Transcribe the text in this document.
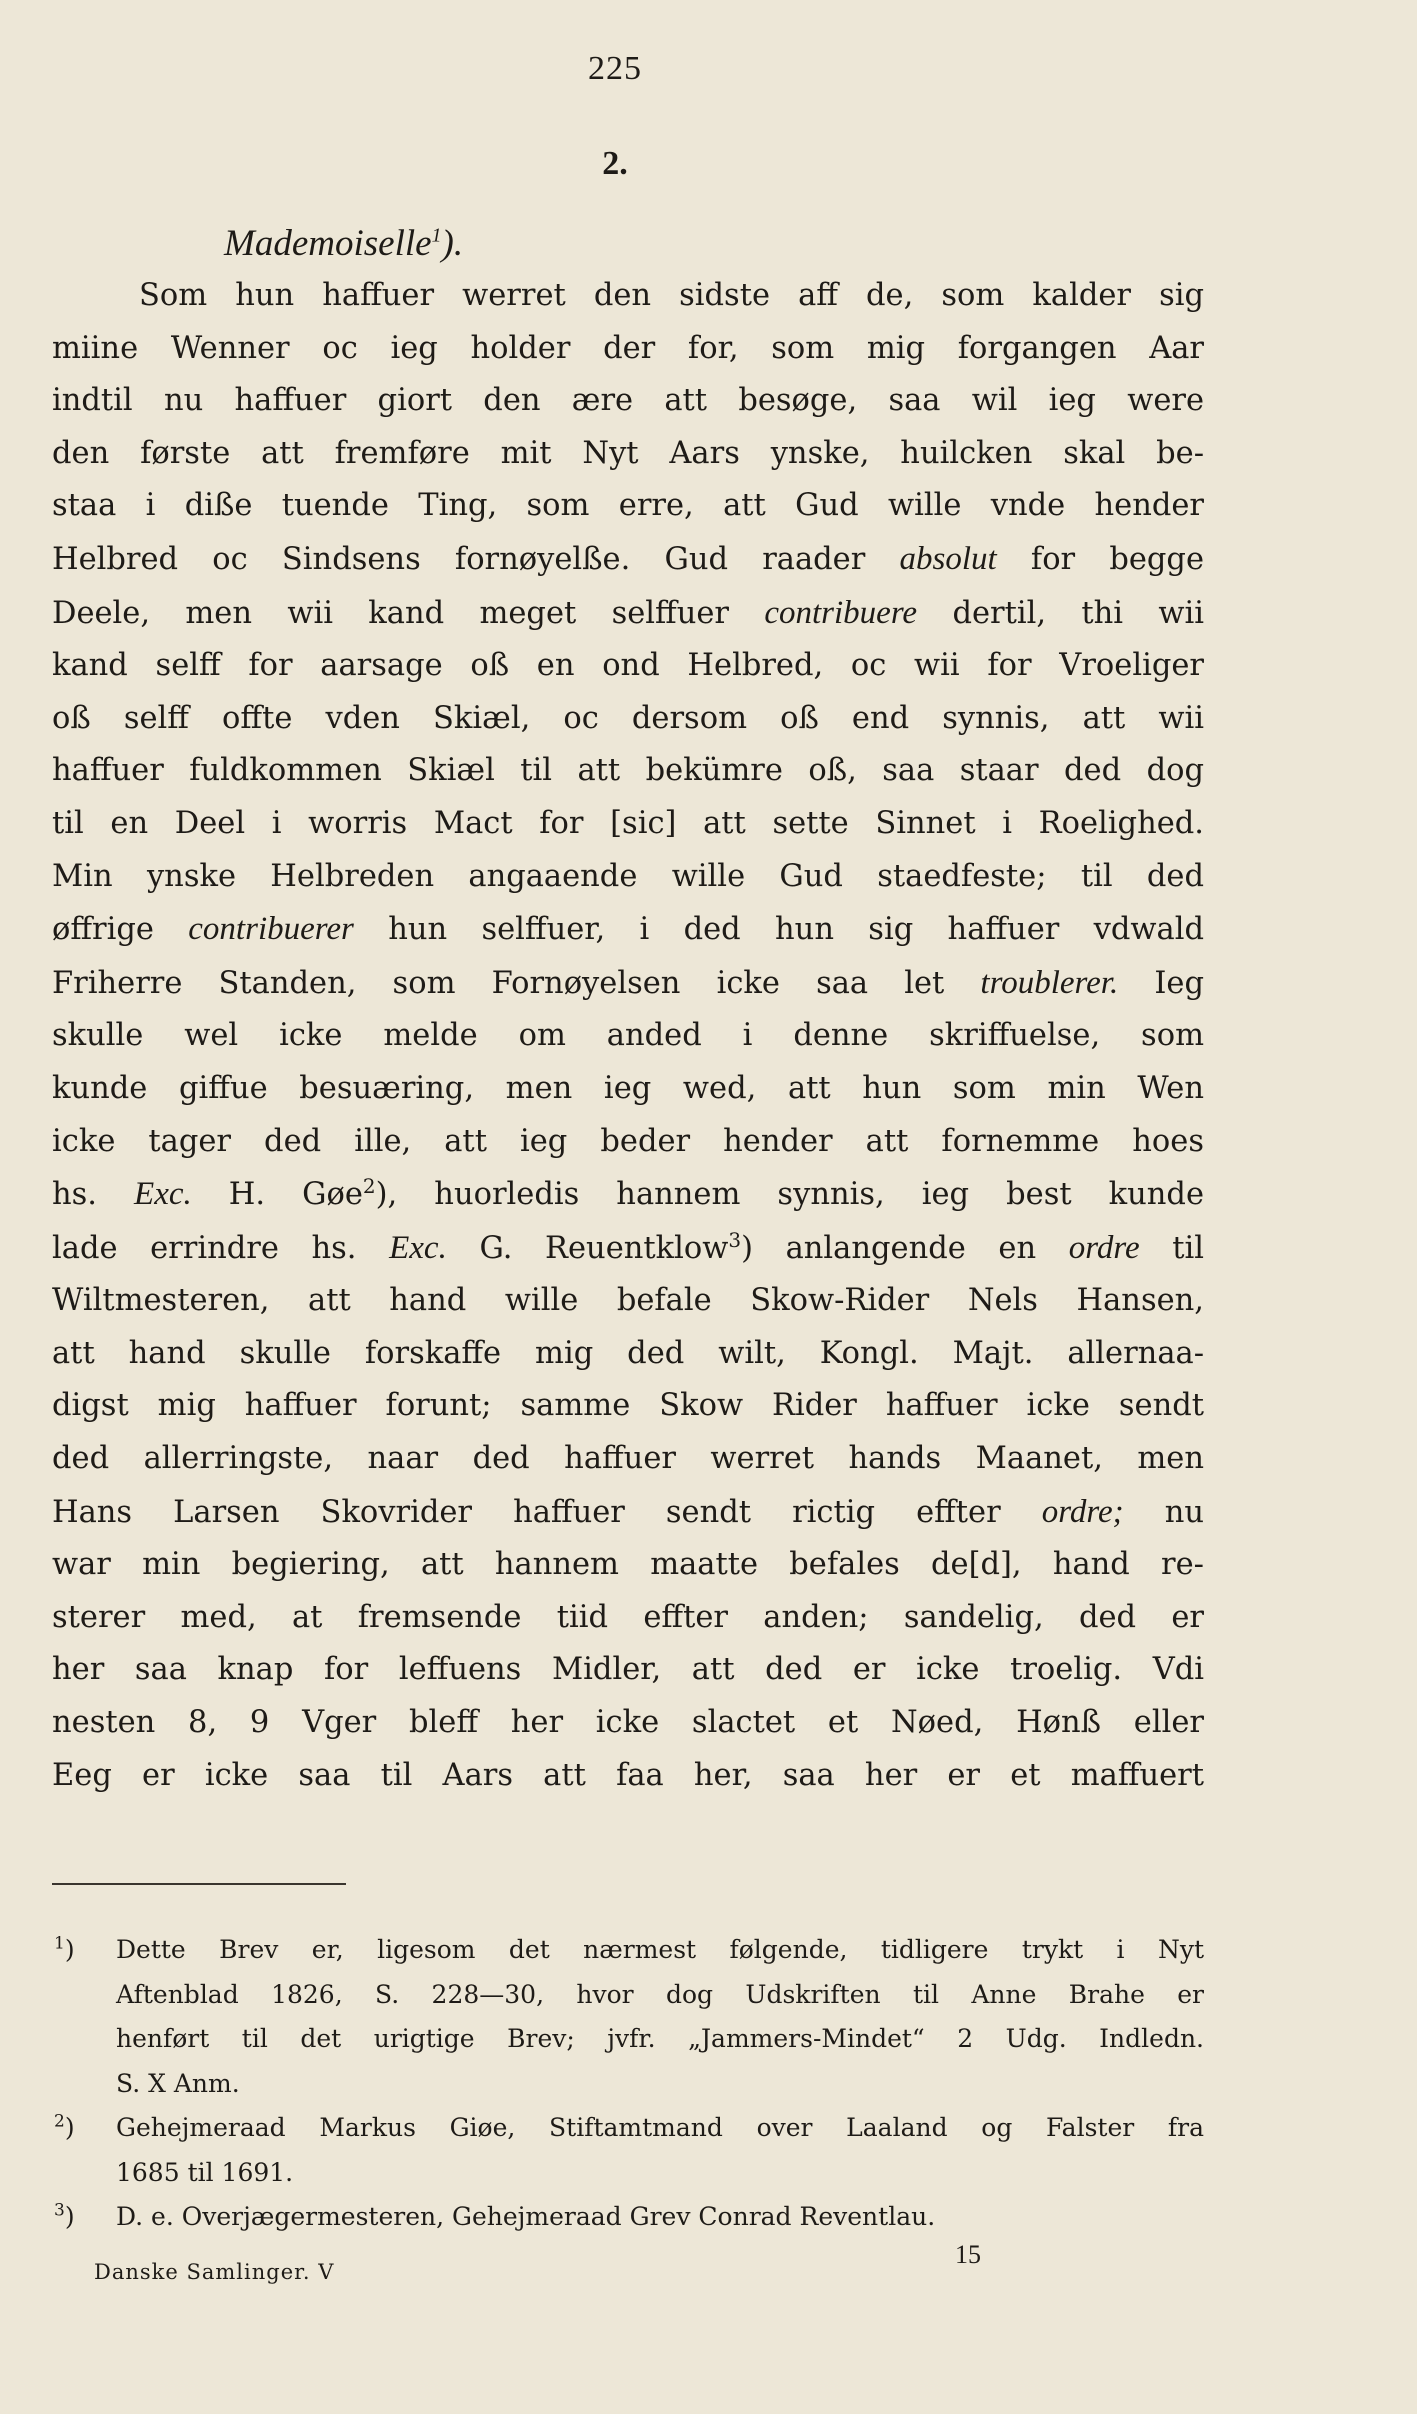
225
2.
Mademoiselle$^1$).
Som hun haffuer werret den sidste aff de, som kalder sig
miine Wenner oc ieg holder der for, som mig forgangen Aar
indtil nu haffuer giort den ære att besøge, saa wil ieg were
den første att fremføre mit Nyt Aars ynske, huilcken skal be-
staa i diße tuende Ting, som erre, att Gud wille vnde hender
Helbred oc Sindsens fornøyelße. Gud raader absolut for begge
Deele, men wii kand meget selffuer contribuere dertil, thi wii
kand selff for aarsage oß en ond Helbred, oc wii for Vroeliger
oß selff offte vden Skiæl, oc dersom oß end synnis, att wii
haffuer fuldkommen Skiæl til att bekümre oß, saa staar ded dog
til en Deel i worris Mact for [sic] att sette Sinnet i Roelighed.
Min ynske Helbreden angaaende wille Gud staedfeste; til ded
øffrige contribuerer hun selffuer, i ded hun sig haffuer vdwald
Friherre Standen, som Fornøyelsen icke saa let troublerer. Ieg
skulle wel icke melde om anded i denne skriffuelse, som
kunde giffue besuæring, men ieg wed, att hun som min Wen
icke tager ded ille, att ieg beder hender att fornemme hoes
hs. Exc. H. Gøe$^2$), huorledis hannem synnis, ieg best kunde
lade errindre hs. Exc. G. Reuentklow$^3$) anlangende en ordre til
Wiltmesteren, att hand wille befale Skow-Rider Nels Hansen,
att hand skulle forskaffe mig ded wilt, Kongl. Majt. allernaa-
digst mig haffuer forunt; samme Skow Rider haffuer icke sendt
ded allerringste, naar ded haffuer werret hands Maanet, men
Hans Larsen Skovrider haffuer sendt rictig effter ordre; nu
war min begiering, att hannem maatte befales de[d], hand re-
sterer med, at fremsende tiid effter anden; sandelig, ded er
her saa knap for leffuens Midler, att ded er icke troelig. Vdi
nesten 8, 9 Vger bleff her icke slactet et Nøed, Hønß eller
Eeg er icke saa til Aars att faa her, saa her er et maffuert
$^1$) Dette Brev er, ligesom det nærmest følgende, tidligere trykt i Nyt
Aftenblad 1826, S. 228—30, hvor dog Udskriften til Anne Brahe er
henført til det urigtige Brev; jvfr. „Jammers-Mindet“ 2 Udg. Indledn.
S. X Anm.
$^2$) Gehejmeraad Markus Giøe, Stiftamtmand over Laaland og Falster fra
1685 til 1691.
$^3$) D. e. Overjægermesteren, Gehejmeraad Grev Conrad Reventlau.
Danske Samlinger. V
15
